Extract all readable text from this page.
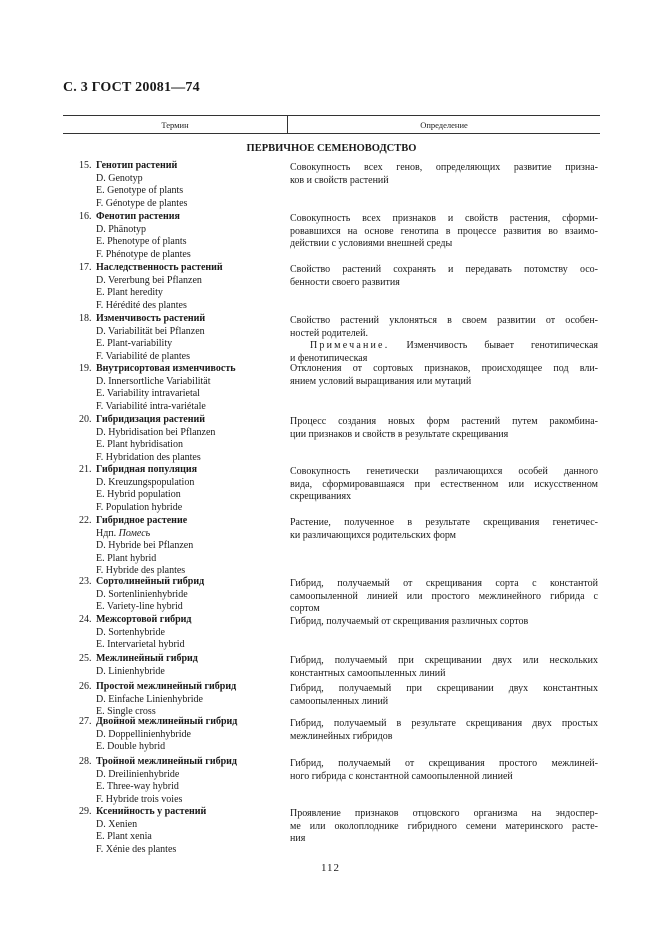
С. 3 ГОСТ 20081—74
Термин	Определение
ПЕРВИЧНОЕ СЕМЕНОВОДСТВО
15. Генотип растений
D. Genotyp
E. Genotype of plants
F. Génotype de plantes
Совокупность всех генов, определяющих развитие призна-
ков и свойств растений
16. Фенотип растения
D. Phänotyp
E. Phenotype of plants
F. Phénotype de plantes
Совокупность всех признаков и свойств растения, сформи-
ровавшихся на основе генотипа в процессе развития во взаимо-
действии с условиями внешней среды
17. Наследственность растений
D. Vererbung bei Pflanzen
E. Plant heredity
F. Hérédité des plantes
Свойство растений сохранять и передавать потомству осо-
бенности своего развития
18. Изменчивость растений
D. Variabilität bei Pflanzen
E. Plant-variability
F. Variabilité de plantes
Свойство растений уклоняться в своем развитии от особен-
ностей родителей.
Примечание. Изменчивость бывает генотипическая
и фенотипическая
19. Внутрисортовая изменчивость
D. Innersortliche Variabilität
E. Variability intravarietal
F. Variabilité intra-variétale
Отклонения от сортовых признаков, происходящее под вли-
янием условий выращивания или мутаций
20. Гибридизация растений
D. Hybridisation bei Pflanzen
E. Plant hybridisation
F. Hybridation des plantes
Процесс создания новых форм растений путем ракомбина-
ции признаков и свойств в результате скрещивания
21. Гибридная популяция
D. Kreuzungspopulation
E. Hybrid population
F. Population hybride
Совокупность генетически различающихся особей данного
вида, сформировавшаяся при естественном или искусственном
скрещиваниях
22. Гибридное растение
Ндп. Помесь
D. Hybride bei Pflanzen
E. Plant hybrid
F. Hybride des plantes
Растение, полученное в результате скрещивания генетичес-
ки различающихся родительских форм
23. Сортолинейный гибрид
D. Sortenlinienhybride
E. Variety-line hybrid
Гибрид, получаемый от скрещивания сорта с константой
самоопыленной линией или простого межлинейного гибрида с
сортом
24. Межсортовой гибрид
D. Sortenhybride
E. Intervarietal hybrid
Гибрид, получаемый от скрещивания различных сортов
25. Межлинейный гибрид
D. Linienhybride
Гибрид, получаемый при скрещивании двух или нескольких
константных самоопыленных линий
26. Простой межлинейный гибрид
D. Einfache Linienhybride
E. Single cross
Гибрид, получаемый при скрещивании двух константных
самоопыленных линий
27. Двойной межлинейный гибрид
D. Doppellinienhybride
E. Double hybrid
Гибрид, получаемый в результате скрещивания двух простых
межлинейных гибридов
28. Тройной межлинейный гибрид
D. Dreilinienhybride
E. Three-way hybrid
F. Hybride trois voies
Гибрид, получаемый от скрещивания простого межлиней-
ного гибрида с константной самоопыленной линией
29. Ксенийность у растений
D. Xenien
E. Plant xenia
F. Xénie des plantes
Проявление признаков отцовского организма на эндоспер-
ме или околоплоднике гибридного семени материнского расте-
ния
112
